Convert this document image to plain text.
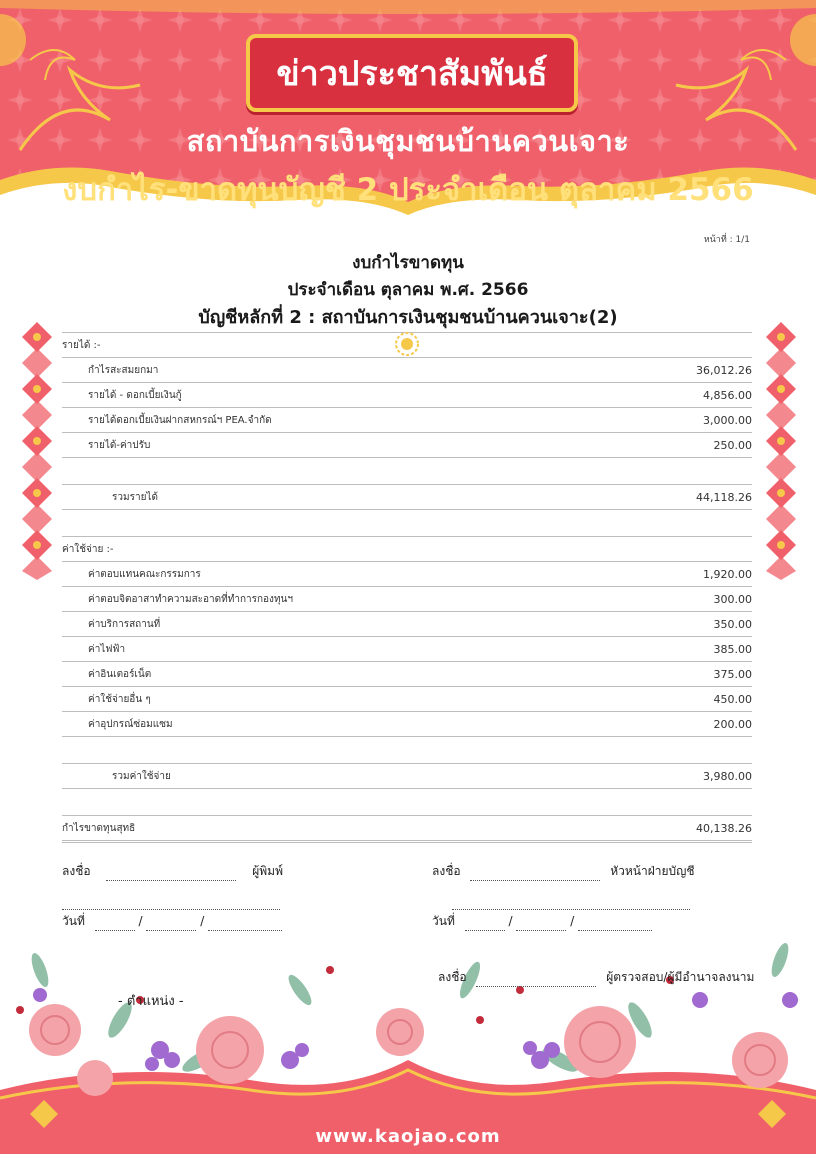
ข่าวประชาสัมพันธ์
สถาบันการเงินชุมชนบ้านควนเจาะ
งบกำไร-ขาดทุนบัญชี 2 ประจำเดือน ตุลาคม 2566
หน้าที่ : 1/1
งบกำไรขาดทุน
ประจำเดือน ตุลาคม พ.ศ. 2566
บัญชีหลักที่ 2 : สถาบันการเงินชุมชนบ้านควนเจาะ(2)
รายได้ :-
กำไรสะสมยกมา	36,012.26
รายได้ - ดอกเบี้ยเงินกู้	4,856.00
รายได้ดอกเบี้ยเงินฝากสหกรณ์ฯ PEA.จำกัด	3,000.00
รายได้-ค่าปรับ	250.00
รวมรายได้	44,118.26
ค่าใช้จ่าย :-
ค่าตอบแทนคณะกรรมการ	1,920.00
ค่าตอบจิตอาสาทำความสะอาดที่ทำการกองทุนฯ	300.00
ค่าบริการสถานที่	350.00
ค่าไฟฟ้า	385.00
ค่าอินเตอร์เน็ต	375.00
ค่าใช้จ่ายอื่น ๆ	450.00
ค่าอุปกรณ์ซ่อมแซม	200.00
รวมค่าใช้จ่าย	3,980.00
กำไรขาดทุนสุทธิ	40,138.26
ลงชื่อ	ผู้พิมพ์
วันที่	/	/
ลงชื่อ	หัวหน้าฝ่ายบัญชี
วันที่	/	/
ลงชื่อ	ผู้ตรวจสอบ/ผู้มีอำนาจลงนาม
- ตำแหน่ง -
www.kaojao.com
